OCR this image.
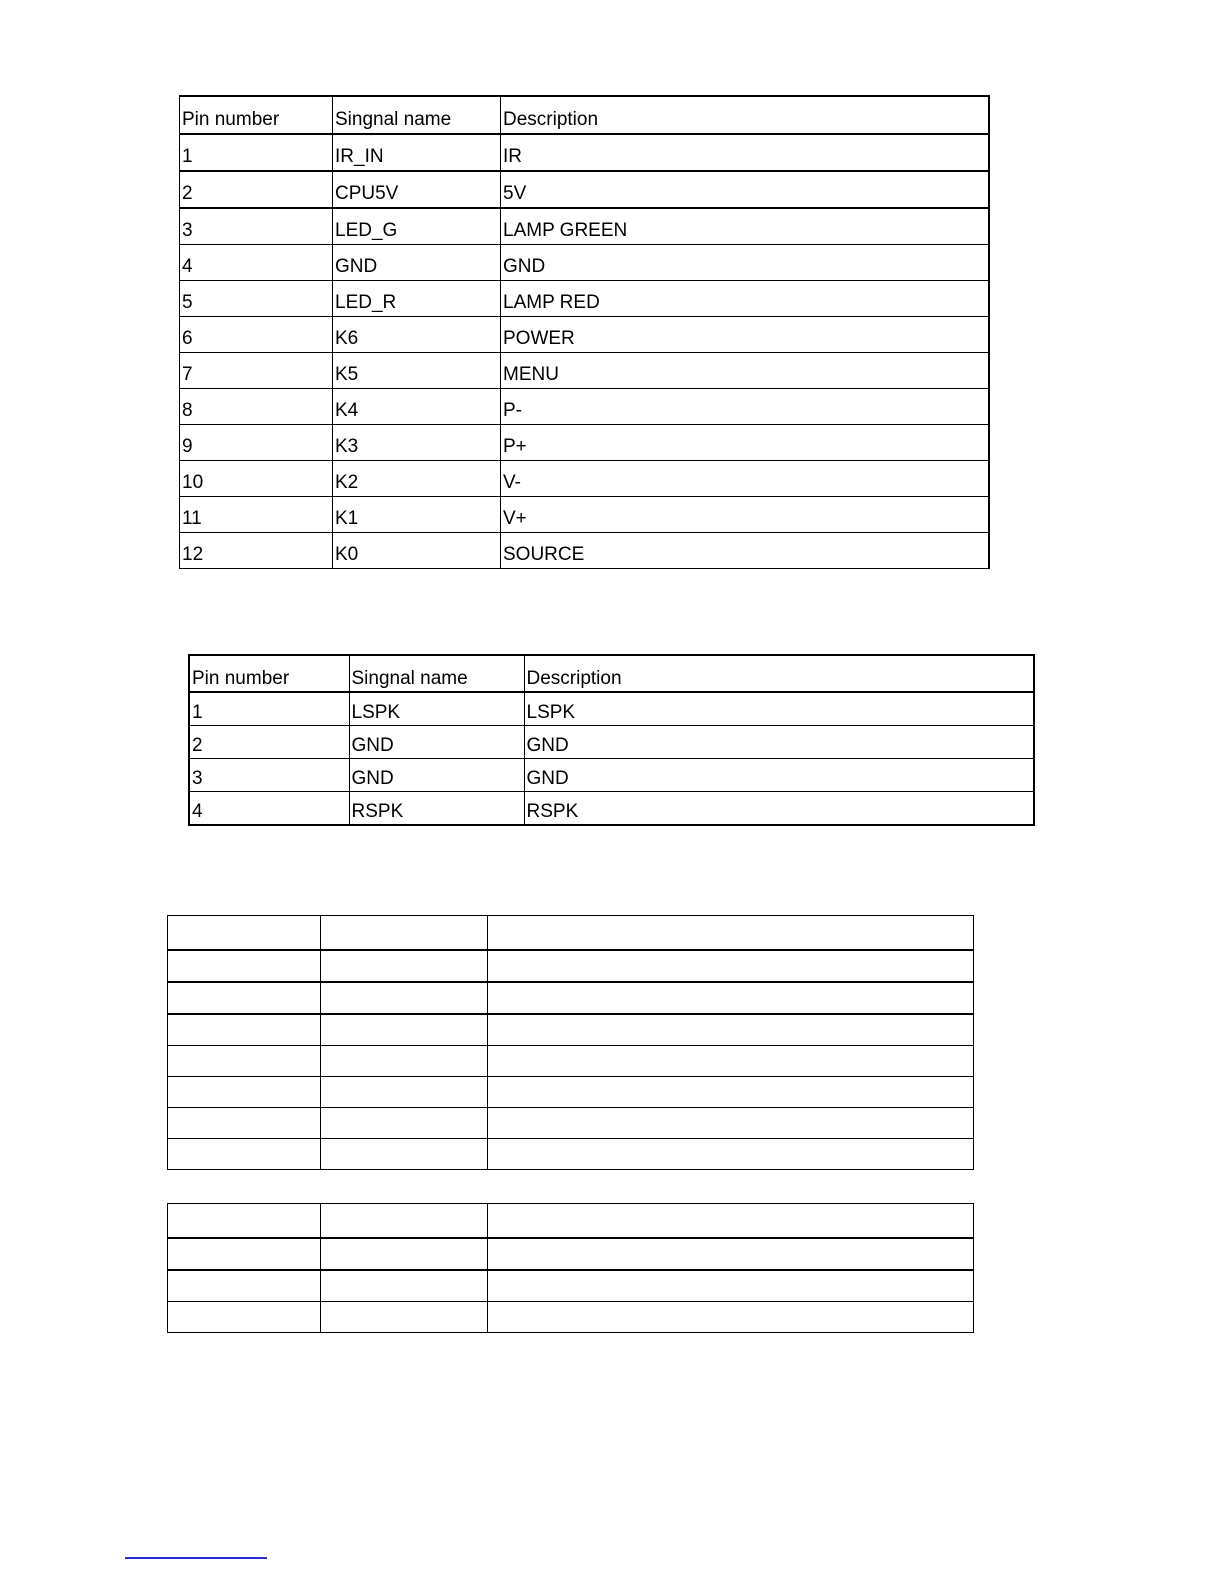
Pin number	Singnal name	Description
1	IR_IN	IR
2	CPU5V	5V
3	LED_G	LAMP GREEN
4	GND	GND
5	LED_R	LAMP RED
6	K6	POWER
7	K5	MENU
8	K4	P-
9	K3	P+
10	K2	V-
11	K1	V+
12	K0	SOURCE
Pin number	Singnal name	Description
1	LSPK	LSPK
2	GND	GND
3	GND	GND
4	RSPK	RSPK
